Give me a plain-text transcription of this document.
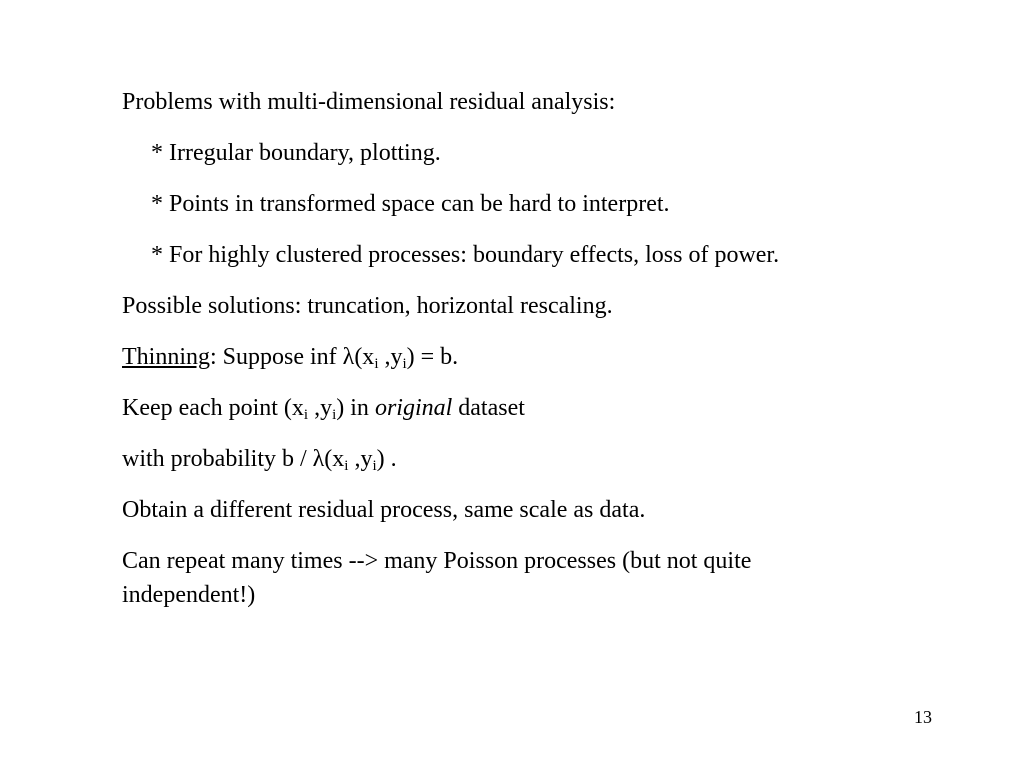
Problems with multi-dimensional residual analysis:
* Irregular boundary, plotting.
* Points in transformed space can be hard to interpret.
* For highly clustered processes: boundary effects, loss of power.
Possible solutions: truncation, horizontal rescaling.
Thinning: Suppose inf $\lambda(x_i$ $,y_i) = b$.
Keep each point ($x_i$ $,y_i$) in original dataset
with probability b / $\lambda(x_i$ $,y_i$) .
Obtain a different residual process, same scale as data.
Can repeat many times --> many Poisson processes (but not quite
independent!)
13
